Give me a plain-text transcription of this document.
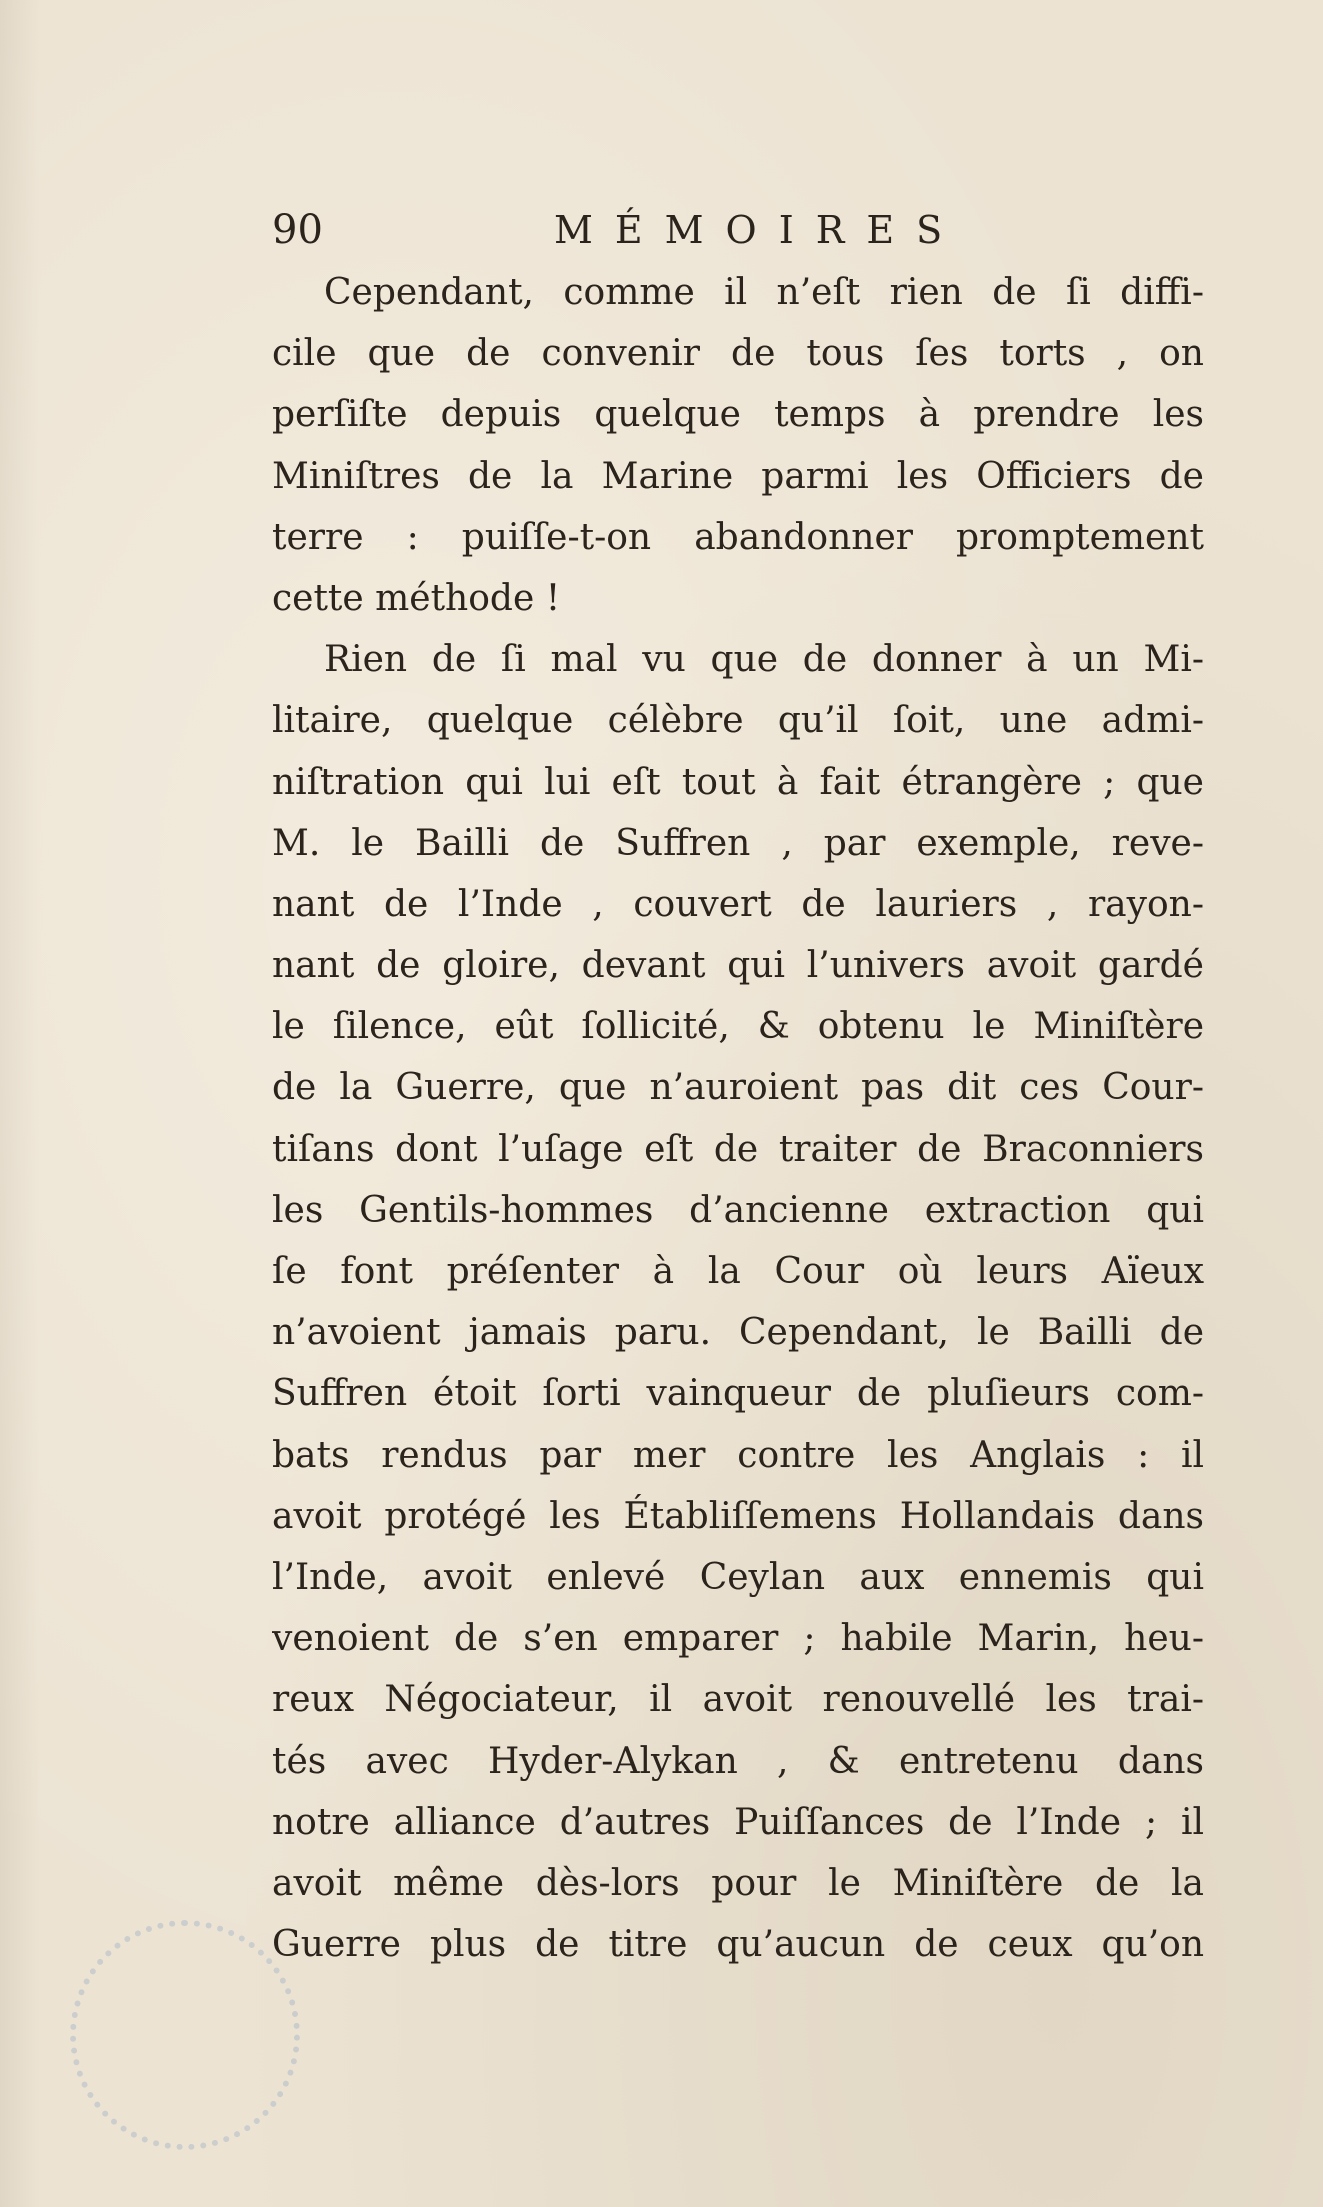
90	MÉMOIRES
Cependant, comme il n’eſt rien de ſi diffi-
cile que de convenir de tous ſes torts , on
perſiſte depuis quelque temps à prendre les
Miniſtres de la Marine parmi les Officiers de
terre : puiſſe-t-on abandonner promptement
cette méthode !
Rien de ſi mal vu que de donner à un Mi-
litaire, quelque célèbre qu’il ſoit, une admi-
niſtration qui lui eſt tout à fait étrangère ; que
M. le Bailli de Suffren , par exemple, reve-
nant de l’Inde , couvert de lauriers , rayon-
nant de gloire, devant qui l’univers avoit gardé
le ſilence, eût ſollicité, & obtenu le Miniſtère
de la Guerre, que n’auroient pas dit ces Cour-
tiſans dont l’uſage eſt de traiter de Braconniers
les Gentils-hommes d’ancienne extraction qui
ſe font préſenter à la Cour où leurs Aïeux
n’avoient jamais paru. Cependant, le Bailli de
Suffren étoit ſorti vainqueur de pluſieurs com-
bats rendus par mer contre les Anglais : il
avoit protégé les Établiſſemens Hollandais dans
l’Inde, avoit enlevé Ceylan aux ennemis qui
venoient de s’en emparer ; habile Marin, heu-
reux Négociateur, il avoit renouvellé les trai-
tés avec Hyder-Alykan , & entretenu dans
notre alliance d’autres Puiſſances de l’Inde ; il
avoit même dès-lors pour le Miniſtère de la
Guerre plus de titre qu’aucun de ceux qu’on
